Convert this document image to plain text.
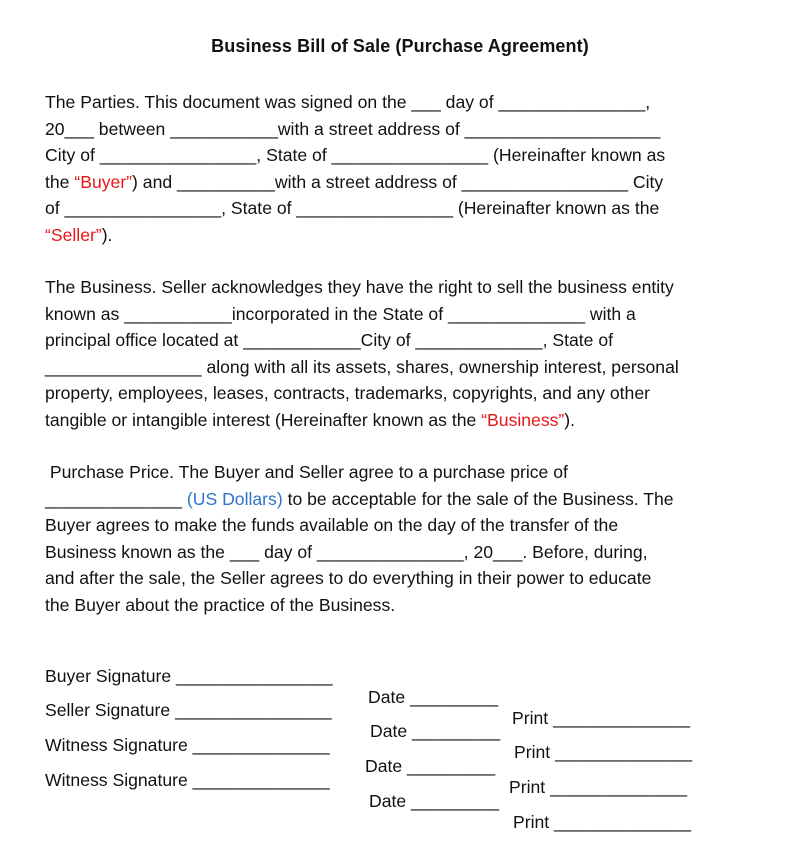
Business Bill of Sale (Purchase Agreement)
The Parties. This document was signed on the ___ day of _______________,
20___ between ___________with a street address of ____________________
City of ________________, State of ________________ (Hereinafter known as
the “Buyer”) and __________with a street address of _________________ City
of ________________, State of ________________ (Hereinafter known as the
“Seller”).
The Business. Seller acknowledges they have the right to sell the business entity
known as ___________incorporated in the State of ______________ with a
principal office located at ____________City of _____________, State of
________________ along with all its assets, shares, ownership interest, personal
property, employees, leases, contracts, trademarks, copyrights, and any other
tangible or intangible interest (Hereinafter known as the “Business”).
Purchase Price. The Buyer and Seller agree to a purchase price of
______________ (US Dollars) to be acceptable for the sale of the Business. The
Buyer agrees to make the funds available on the day of the transfer of the
Business known as the ___ day of _______________, 20___. Before, during,
and after the sale, the Seller agrees to do everything in their power to educate
the Buyer about the practice of the Business.

Buyer Signature ________________

Date _________

Print ______________

Seller Signature ________________

Date _________

Print ______________

Witness Signature ______________

Date _________

Print ______________

Witness Signature ______________

Date _________

Print ______________
